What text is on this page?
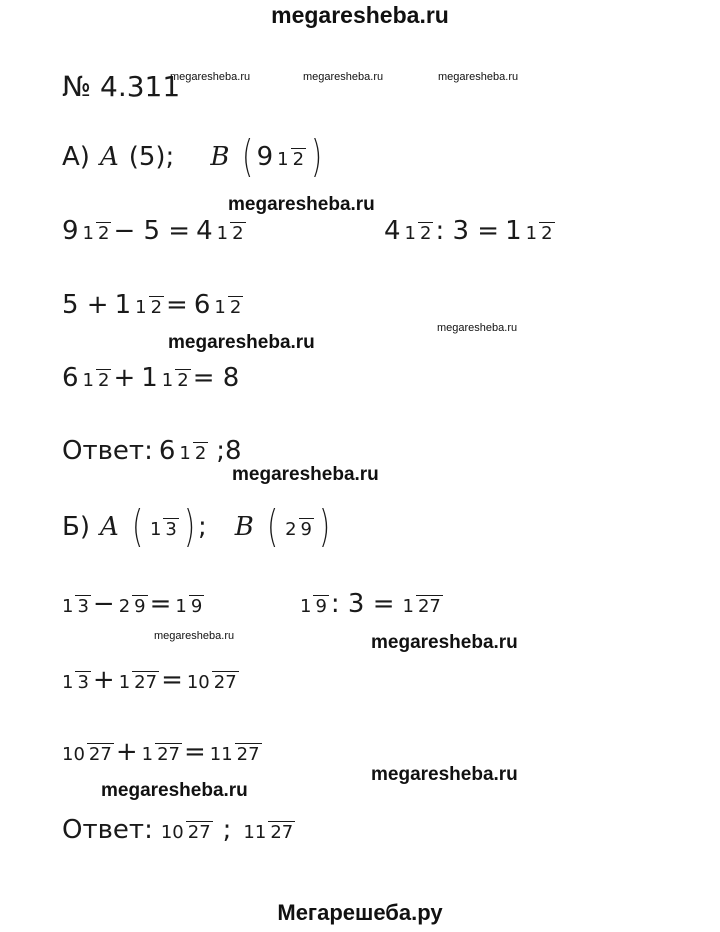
megaresheba.ru
megaresheba.ru	megaresheba.ru	megaresheba.ru
megaresheba.ru
megaresheba.ru
megaresheba.ru
megaresheba.ru
megaresheba.ru	megaresheba.ru
megaresheba.ru
megaresheba.ru
№ 4.311
А) A (5); B ( 9 1 2 )
9 1 2 − 5 = 4 1 2	4 1 2 : 3 = 1 1 2
5 + 1 1 2 = 6 1 2
6 1 2 + 1 1 2 = 8
Ответ: 6 1 2 ;8
Б) A ( 1 3 ) ; B ( 2 9 )
1 3 − 2 9 = 1 9	1 9 : 3 = 1 27
1 3 + 1 27 = 10 27
10 27 + 1 27 = 11 27
Ответ: 10 27 ; 11 27
Мегарешеба.ру
